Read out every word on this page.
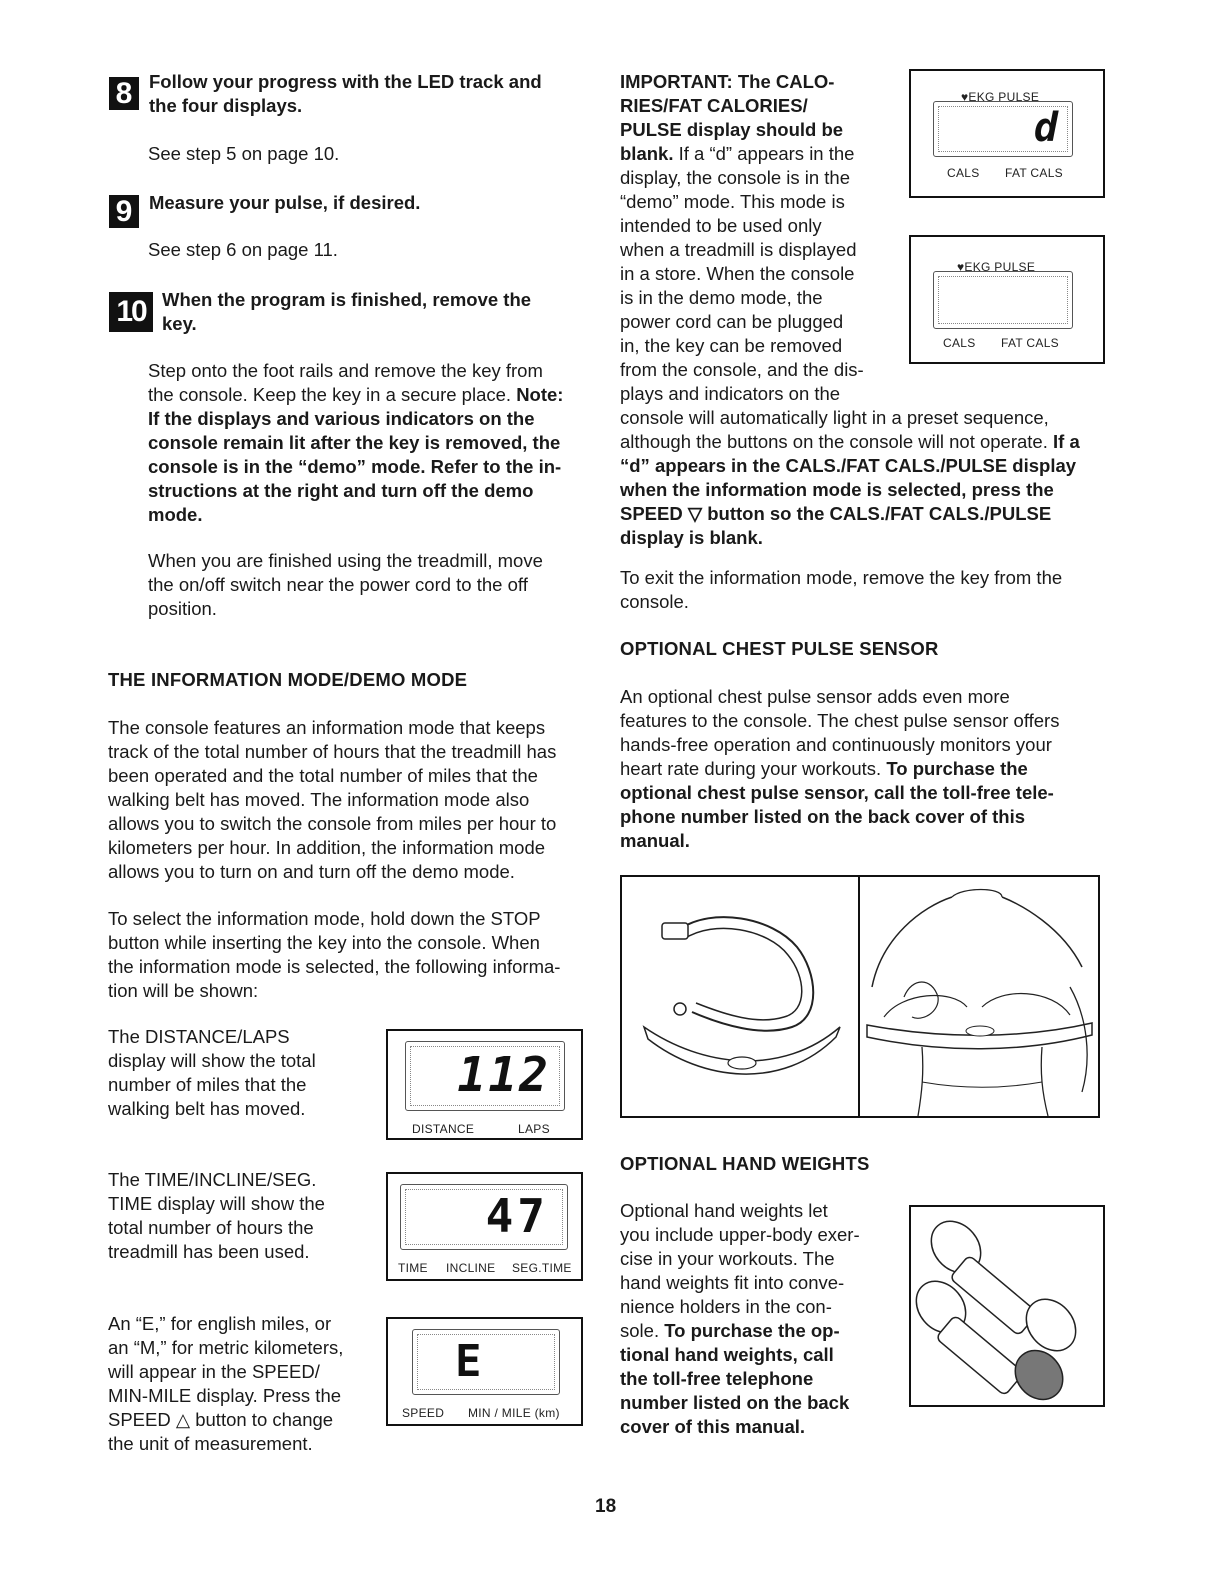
8 Follow your progress with the LED track and

the four displays.

See step 5 on page 10.

9 Measure your pulse, if desired.

See step 6 on page 11.

10 When the program is finished, remove the

key.

Step onto the foot rails and remove the key from

the console. Keep the key in a secure place. Note:

If the displays and various indicators on the

console remain lit after the key is removed, the

console is in the “demo” mode. Refer to the in-

structions at the right and turn off the demo

mode.

When you are finished using the treadmill, move

the on/off switch near the power cord to the off

position.

THE INFORMATION MODE/DEMO MODE

The console features an information mode that keeps

track of the total number of hours that the treadmill has

been operated and the total number of miles that the

walking belt has moved. The information mode also

allows you to switch the console from miles per hour to

kilometers per hour. In addition, the information mode

allows you to turn on and turn off the demo mode.

To select the information mode, hold down the STOP

button while inserting the key into the console. When

the information mode is selected, the following informa-

tion will be shown:

The DISTANCE/LAPS

display will show the total

number of miles that the

walking belt has moved.

112
DISTANCE	LAPS

The TIME/INCLINE/SEG.

TIME display will show the

total number of hours the

treadmill has been used.

47
TIME INCLINE SEG.TIME

An “E,” for english miles, or

an “M,” for metric kilometers,

will appear in the SPEED/

MIN-MILE display. Press the

SPEED △ button to change

the unit of measurement.

E
SPEED MIN / MILE (km)

IMPORTANT: The CALO-

RIES/FAT CALORIES/

PULSE display should be

blank. If a “d” appears in the

display, the console is in the

“demo” mode. This mode is

intended to be used only

when a treadmill is displayed

in a store. When the console

is in the demo mode, the

power cord can be plugged

in, the key can be removed

from the console, and the dis-

plays and indicators on the

console will automatically light in a preset sequence,

although the buttons on the console will not operate. If a

“d” appears in the CALS./FAT CALS./PULSE display

when the information mode is selected, press the

SPEED ▽ button so the CALS./FAT CALS./PULSE

display is blank.

♥EKG PULSE
d
CALS FAT CALS
♥EKG PULSE
CALS FAT CALS

To exit the information mode, remove the key from the

console.

OPTIONAL CHEST PULSE SENSOR

An optional chest pulse sensor adds even more

features to the console. The chest pulse sensor offers

hands-free operation and continuously monitors your

heart rate during your workouts. To purchase the

optional chest pulse sensor, call the toll-free tele-

phone number listed on the back cover of this

manual.

OPTIONAL HAND WEIGHTS

Optional hand weights let

you include upper-body exer-

cise in your workouts. The

hand weights fit into conve-

nience holders in the con-

sole. To purchase the op-

tional hand weights, call

the toll-free telephone

number listed on the back

cover of this manual.

18
